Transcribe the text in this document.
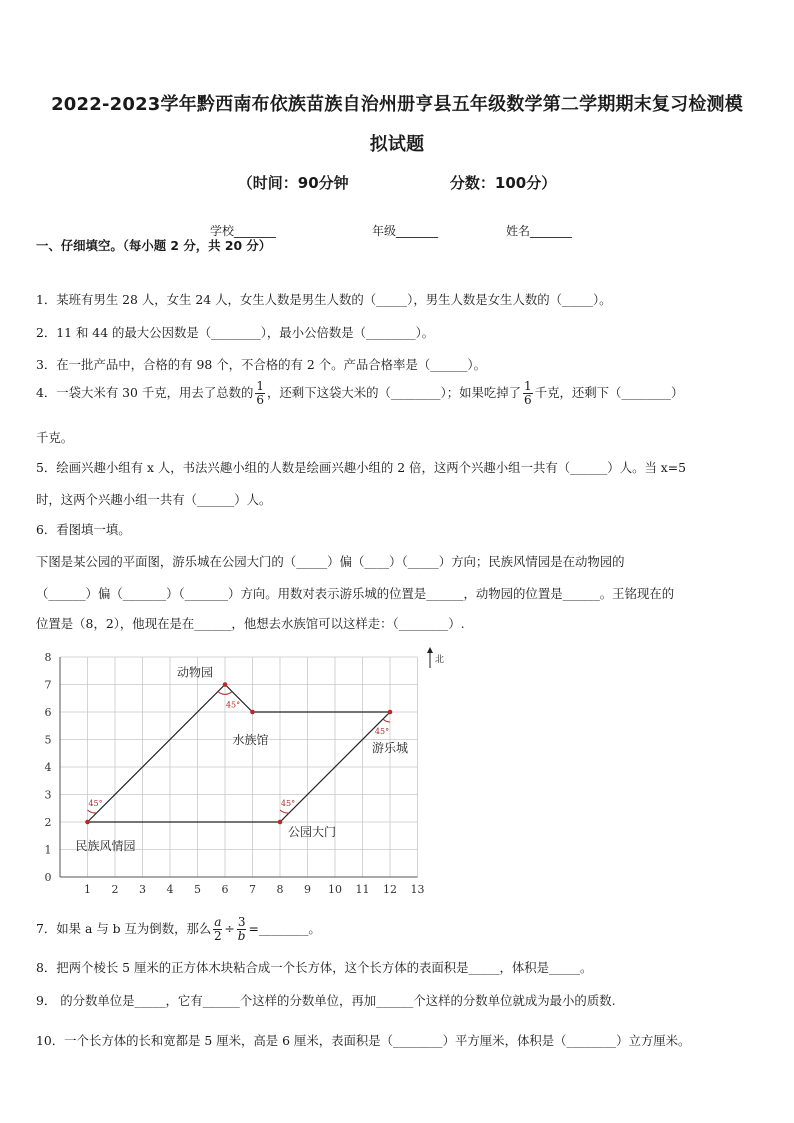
2022-2023学年黔西南布依族苗族自治州册亨县五年级数学第二学期期末复习检测模
拟试题
（时间：90分钟	分数：100分）
学校_______	年级_______	姓名_______
一、仔细填空。（每小题 2 分，共 20 分）
1．某班有男生 28 人，女生 24 人，女生人数是男生人数的（_____），男生人数是女生人数的（_____）。
2．11 和 44 的最大公因数是（________），最小公倍数是（________）。
3．在一批产品中，合格的有 98 个，不合格的有 2 个。产品合格率是（______）。
4．一袋大米有 30 千克，用去了总数的 $\frac{1}{6}$ ，还剩下这袋大米的（________）；如果吃掉了 $\frac{1}{6}$ 千克，还剩下（________）
千克。
5．绘画兴趣小组有 x 人，书法兴趣小组的人数是绘画兴趣小组的 2 倍，这两个兴趣小组一共有（______）人。当 x=5
时，这两个兴趣小组一共有（______）人。
6．看图填一填。
下图是某公园的平面图，游乐城在公园大门的（_____）偏（____）（_____）方向；民族风情园是在动物园的
（______）偏（_______）（_______）方向。用数对表示游乐城的位置是______，动物园的位置是______。王铭现在的
位置是（8，2），他现在是在______，他想去水族馆可以这样走：（________）.
1 2 3 4 5 6 7 8 9 10 11 12 13
0
1
2
3
4
5
6
7
8
动物园
水族馆
游乐城
公园大门
民族风情园
45°	45°
45°
45°
北
7．如果 a 与 b 互为倒数，那么 $\frac{a}{2} \div \frac{3}{b}$ =________。
8．把两个棱长 5 厘米的正方体木块粘合成一个长方体，这个长方体的表面积是_____，体积是_____。
9． 的分数单位是_____，它有______个这样的分数单位，再加______个这样的分数单位就成为最小的质数.
10．一个长方体的长和宽都是 5 厘米，高是 6 厘米，表面积是（________）平方厘米，体积是（________）立方厘米。
